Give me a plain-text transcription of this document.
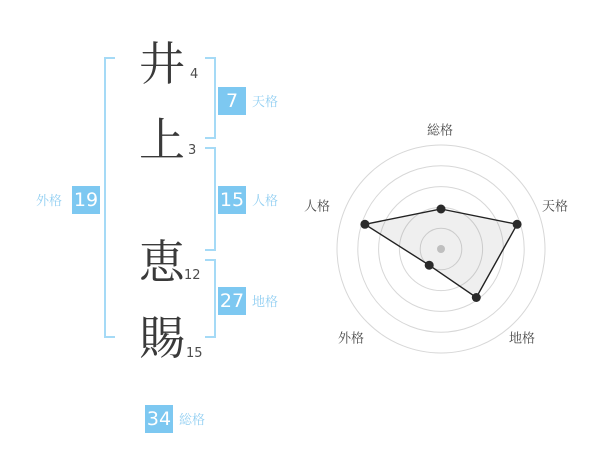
井
上
恵
賜
4
3
12
15
7	天格
15 人格
27 地格
外格 19
34 総格
総格
天格
地格
外格
人格
